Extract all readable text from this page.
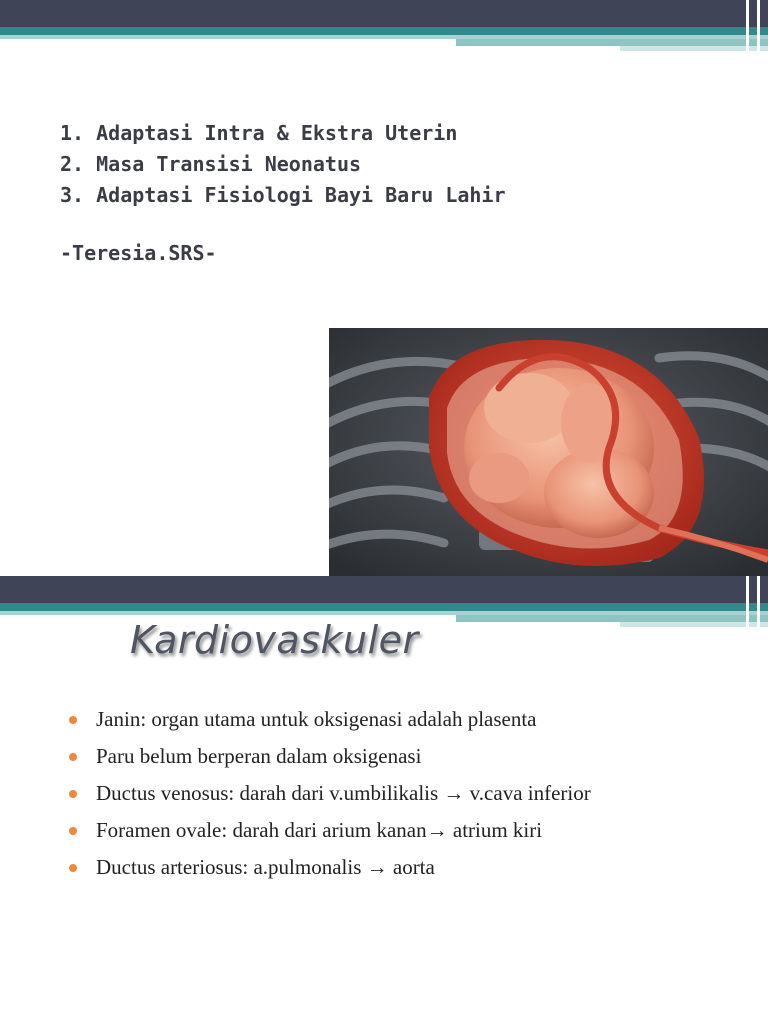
1. Adaptasi Intra & Ekstra Uterin
2. Masa Transisi Neonatus
3. Adaptasi Fisiologi Bayi Baru Lahir
-Teresia.SRS-
Kardiovaskuler
Janin: organ utama untuk oksigenasi adalah plasenta
Paru belum berperan dalam oksigenasi
Ductus venosus: darah dari v.umbilikalis → v.cava inferior
Foramen ovale: darah dari arium kanan→ atrium kiri
Ductus arteriosus: a.pulmonalis → aorta
